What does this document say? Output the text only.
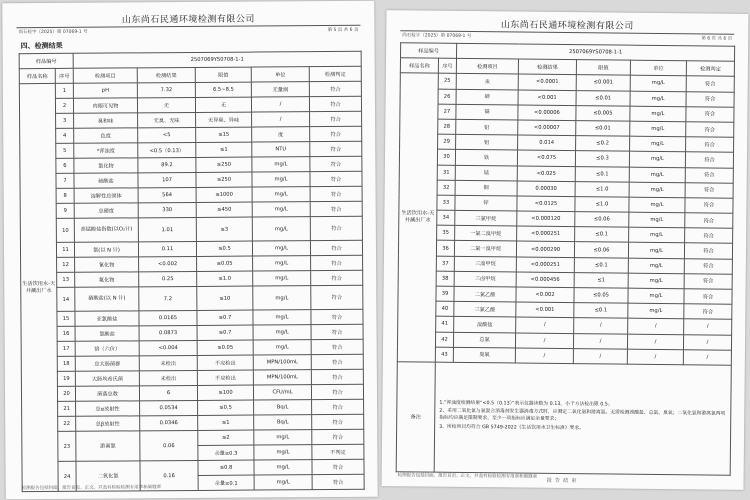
山东尚石民通环境检测有限公司
尚石检字（2025）第 07069-1 号	第 5 页 共 6 页
四、检测结果
样品编号		2507069YS0708-1-1				
样品名称	序号	检测项目	检测结果	限值	单位	检测判定
生活饮用水-天井涮出厂水	1	pH	7.32	6.5~8.5	无量纲	符合
	2	肉眼可见物	无	无	/	符合
	3	臭和味	无臭、无味	无异臭、异味	/	符合
	4	色度	<5	≤15	度	符合
	5	*浑浊度	<0.5（0.13）	≤1	NTU	符合
	6	氯化物	89.2	≤250	mg/L	符合
	7	硫酸盐	107	≤250	mg/L	符合
	8	溶解性总固体	564	≤1000	mg/L	符合
	9	总硬度	330	≤450	mg/L	符合
	10	高锰酸盐指数(以O₂计)	1.01	≤3	mg/L	符合
	11	氨(以 N 计)	0.11	≤0.5	mg/L	符合
	12	氰化物	<0.002	≤0.05	mg/L	符合
	13	氟化物	0.25	≤1.0	mg/L	符合
	14	硝酸盐(以 N 计)	7.2	≤10	mg/L	符合
	15	亚氯酸盐	0.0165	≤0.7	mg/L	符合
	16	氯酸盐	0.0873	≤0.7	mg/L	符合
	17	铬（六价）	<0.004	≤0.05	mg/L	符合
	18	总大肠菌群	未检出	不应检出	MPN/100mL	符合
	19	大肠埃希氏菌	未检出	不应检出	MPN/100mL	符合
	20	菌落总数	6	≤100	CFU/mL	符合
	21	总α放射性	0.0534	≤0.5	Bq/L	符合
	22	总β放射性	0.0346	≤1	Bq/L	符合
	23	游离氯	0.06	≤2	mg/L	符合
				余量≥0.3	mg/L	不判定
	24	二氧化氯	0.16	≤0.8	mg/L	符合
				余量≥0.1	mg/L	符合
检测报告包括封面、报告首页、正文，并盖有检验检测专用章和骑缝章
山东尚石民通环境检测有限公司
尚石检字（2025）第 07069-1 号
第 6 页 共 6 页
样品编号		2507069YS0708-1-1				
样品名称	序号	检测项目	检测结果	限值	单位	检测判定
生活饮用水-天井涮出厂水	25	汞	<0.0001	≤0.001	mg/L	符合
	26	砷	<0.001	≤0.01	mg/L	符合
	27	镉	<0.00006	≤0.005	mg/L	符合
	28	铅	<0.00007	≤0.01	mg/L	符合
	29	铝	0.014	≤0.2	mg/L	符合
	30	铁	<0.075	≤0.3	mg/L	符合
	31	锰	<0.025	≤0.1	mg/L	符合
	32	铜	0.00030	≤1.0	mg/L	符合
	33	锌	<0.0125	≤1.0	mg/L	符合
	34	三氯甲烷	<0.000120	≤0.06	mg/L	符合
	35	一氯二溴甲烷	<0.000251	≤0.1	mg/L	符合
	36	二氯一溴甲烷	<0.000290	≤0.06	mg/L	符合
	37	三溴甲烷	<0.000251	≤0.1	mg/L	符合
	38	三卤甲烷	<0.000456	≤1	mg/L	符合
	39	二氯乙酸	<0.002	≤0.05	mg/L	符合
	40	三氯乙酸	<0.001	≤0.1	mg/L	符合
	41	溴酸盐	/	/	/	/
	42	总氯	/	/	/	/
	43	臭氧	/	/	/	/
备注	1.“浑浊度检测结果“<0.5（0.13）”表示仪器读数为 0.13，小于方法检出限 0.5；
2、采用二氧化氯与氯混合消毒剂发生器消毒方式时，应测定二氧化氯和游离氯。无需检测溴酸盐、总氯、臭氧；二氧化氯和游离氯两项指标均应满足限制要求，至少一项指标应满足余量要求；
3、所检项目均符合 GB 5749-2022《生活饮用水卫生标准》要求。					

报告结束						
检测报告包括封面、报告首页、正文，并盖有检验检测专用章和骑缝章
